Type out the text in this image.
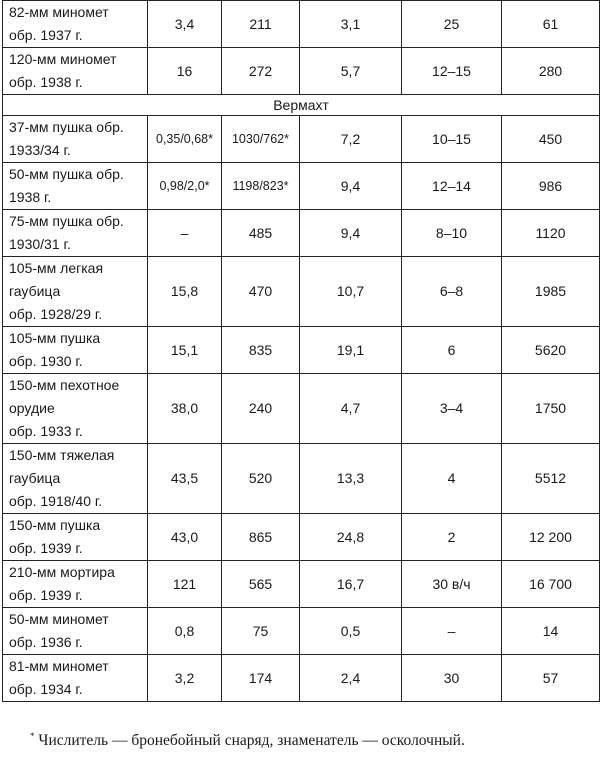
82-мм миномет
обр. 1937 г.	3,4	211	3,1	25	61

120-мм миномет
обр. 1938 г.	16	272	5,7	12–15	280
Вермахт					

37-мм пушка обр.
1933/34 г.	0,35/0,68*	1030/762*	7,2	10–15	450

50-мм пушка обр.
1938 г.	0,98/2,0*	1198/823*	9,4	12–14	986

75-мм пушка обр.
1930/31 г.	–	485	9,4	8–10	1120

105-мм легкая
гаубица
обр. 1928/29 г.	15,8	470	10,7	6–8	1985

105-мм пушка
обр. 1930 г.	15,1	835	19,1	6	5620

150-мм пехотное
орудие
обр. 1933 г.	38,0	240	4,7	3–4	1750

150-мм тяжелая
гаубица
обр. 1918/40 г.	43,5	520	13,3	4	5512

150-мм пушка
обр. 1939 г.	43,0	865	24,8	2	12 200

210-мм мортира
обр. 1939 г.	121	565	16,7	30 в/ч	16 700

50-мм миномет
обр. 1936 г.	0,8	75	0,5	–	14

81-мм миномет
обр. 1934 г.	3,2	174	2,4	30	57
* Числитель — бронебойный снаряд, знаменатель — осколочный.
